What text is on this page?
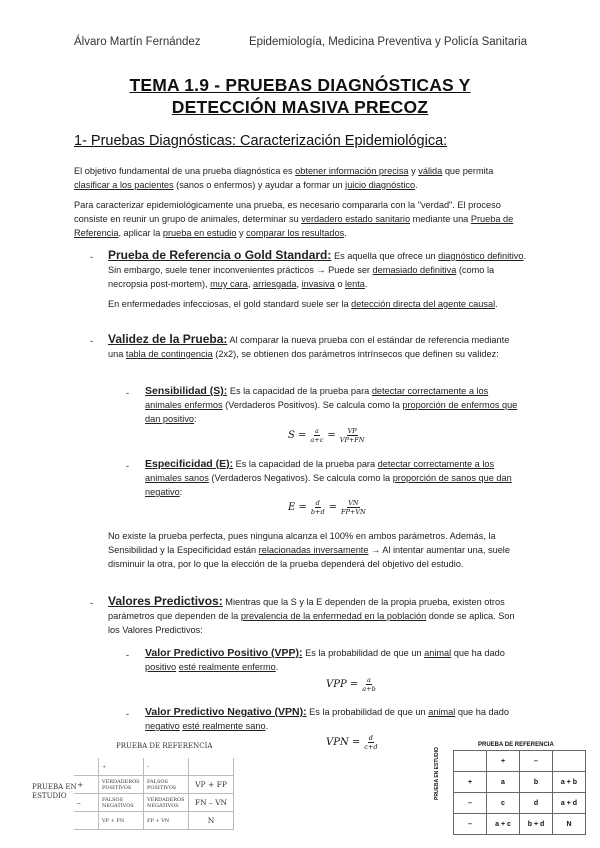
Álvaro Martín Fernández	Epidemiología, Medicina Preventiva y Policía Sanitaria
TEMA 1.9 - PRUEBAS DIAGNÓSTICAS Y
DETECCIÓN MASIVA PRECOZ
1- Pruebas Diagnósticas: Caracterización Epidemiológica:
El objetivo fundamental de una prueba diagnóstica es obtener información precisa y válida que permita clasificar a los pacientes (sanos o enfermos) y ayudar a formar un juicio diagnóstico.
Para caracterizar epidemiológicamente una prueba, es necesario compararla con la "verdad". El proceso consiste en reunir un grupo de animales, determinar su verdadero estado sanitario mediante una Prueba de Referencia, aplicar la prueba en estudio y comparar los resultados.
- Prueba de Referencia o Gold Standard: Es aquella que ofrece un diagnóstico definitivo. Sin embargo, suele tener inconvenientes prácticos → Puede ser demasiado definitiva (como la necropsia post-mortem), muy cara, arriesgada, invasiva o lenta.
En enfermedades infecciosas, el gold standard suele ser la detección directa del agente causal.
- Validez de la Prueba: Al comparar la nueva prueba con el estándar de referencia mediante una tabla de contingencia (2x2), se obtienen dos parámetros intrínsecos que definen su validez:
- Sensibilidad (S): Es la capacidad de la prueba para detectar correctamente a los animales enfermos (Verdaderos Positivos). Se calcula como la proporción de enfermos que dan positivo:
$S = \frac{a}{a+c} = \frac{VP}{VP+FN}$
- Especificidad (E): Es la capacidad de la prueba para detectar correctamente a los animales sanos (Verdaderos Negativos). Se calcula como la proporción de sanos que dan negativo:
$E = \frac{d}{b+d} = \frac{VN}{FP+VN}$
No existe la prueba perfecta, pues ninguna alcanza el 100% en ambos parámetros. Además, la Sensibilidad y la Especificidad están relacionadas inversamente → Al intentar aumentar una, suele disminuir la otra, por lo que la elección de la prueba dependerá del objetivo del estudio.
- Valores Predictivos: Mientras que la S y la E dependen de la propia prueba, existen otros parámetros que dependen de la prevalencia de la enfermedad en la población donde se aplica. Son los Valores Predictivos:
- Valor Predictivo Positivo (VPP): Es la probabilidad de que un animal que ha dado positivo esté realmente enfermo.
VPP = $\frac{a}{a+b}$
- Valor Predictivo Negativo (VPN): Es la probabilidad de que un animal que ha dado negativo esté realmente sano.
VPN = $\frac{d}{c+d}$
PRUEBA DE REFERENCIA
PRUEBA EN
ESTUDIO
	+	–	
+	VERDADEROS POSITIVOS	FALSOS POSITIVOS	VP + FP
–	FALSOS NEGATIVOS	VERDADEROS NEGATIVOS	FN – VN
	VP + FN	FP + VN	N
PRUEBA DE REFERENCIA
PRUEBA EN ESTUDIO
		+	–	
+	a	b	a + b
–	c	d	a + d
–	a + c	b + d	N
